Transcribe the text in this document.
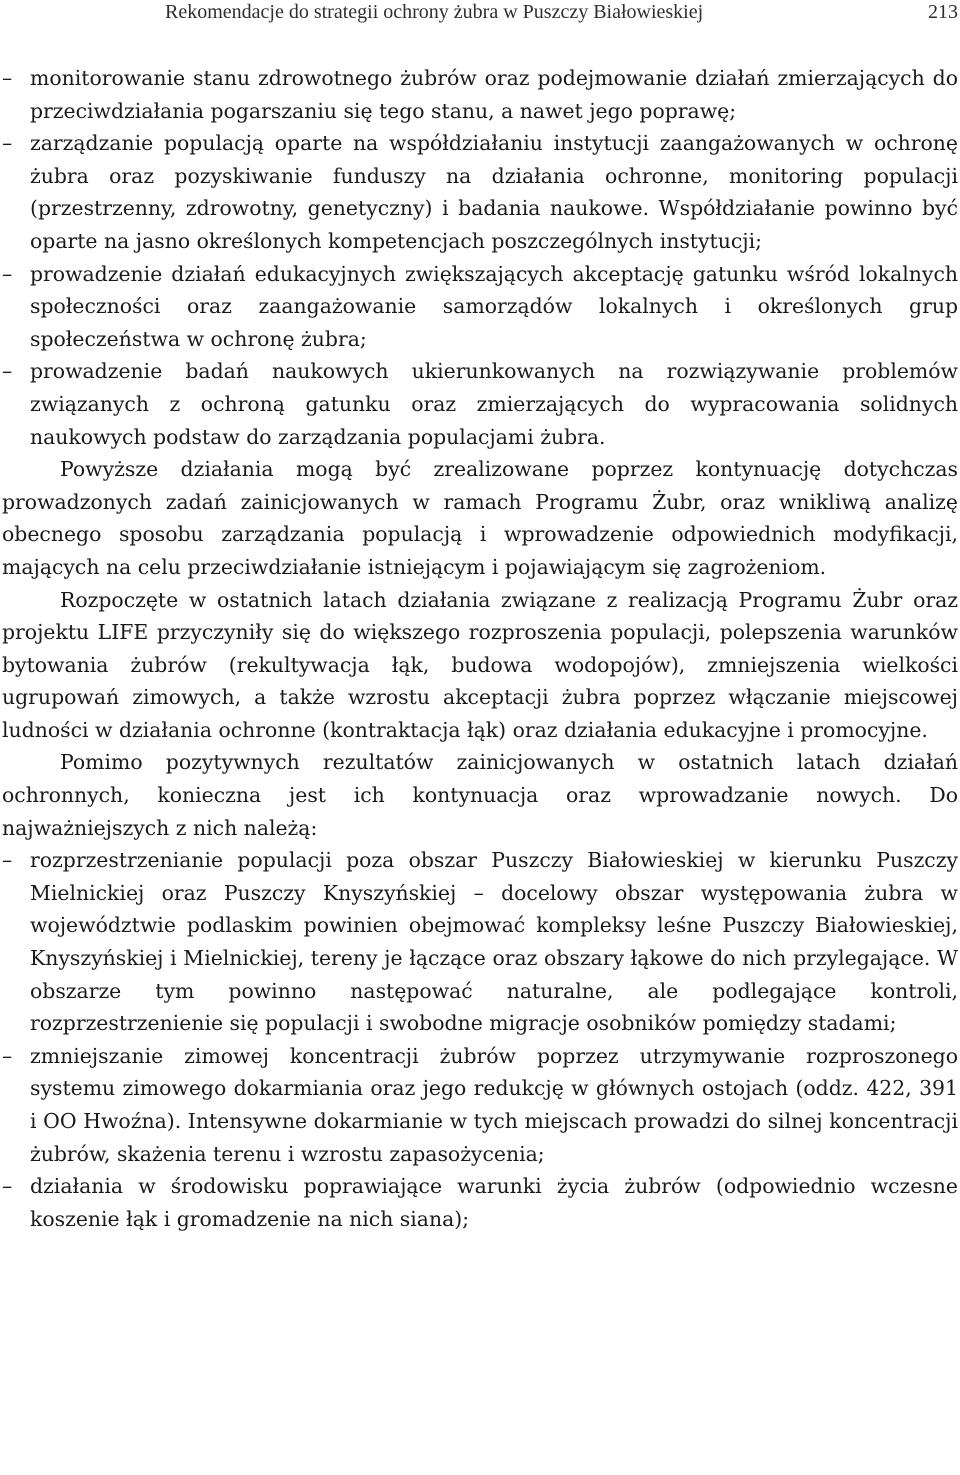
Rekomendacje do strategii ochrony żubra w Puszczy Białowieskiej	213
– monitorowanie stanu zdrowotnego żubrów oraz podejmowanie działań zmierzających do przeciwdziałania pogarszaniu się tego stanu, a nawet jego poprawę;
– zarządzanie populacją oparte na współdziałaniu instytucji zaangażowanych w ochronę żubra oraz pozyskiwanie funduszy na działania ochronne, monitoring populacji (przestrzenny, zdrowotny, genetyczny) i badania naukowe. Współdziałanie powinno być oparte na jasno określonych kompetencjach poszczególnych instytucji;
– prowadzenie działań edukacyjnych zwiększających akceptację gatunku wśród lokalnych społeczności oraz zaangażowanie samorządów lokalnych i określonych grup społeczeństwa w ochronę żubra;
– prowadzenie badań naukowych ukierunkowanych na rozwiązywanie problemów związanych z ochroną gatunku oraz zmierzających do wypracowania solidnych naukowych podstaw do zarządzania populacjami żubra.

Powyższe działania mogą być zrealizowane poprzez kontynuację dotychczas prowadzonych zadań zainicjowanych w ramach Programu Żubr, oraz wnikliwą analizę obecnego sposobu zarządzania populacją i wprowadzenie odpowiednich modyfikacji, mających na celu przeciwdziałanie istniejącym i pojawiającym się zagrożeniom.

Rozpoczęte w ostatnich latach działania związane z realizacją Programu Żubr oraz projektu LIFE przyczyniły się do większego rozproszenia populacji, polepszenia warunków bytowania żubrów (rekultywacja łąk, budowa wodopojów), zmniejszenia wielkości ugrupowań zimowych, a także wzrostu akceptacji żubra poprzez włączanie miejscowej ludności w działania ochronne (kontraktacja łąk) oraz działania edukacyjne i promocyjne.

Pomimo pozytywnych rezultatów zainicjowanych w ostatnich latach działań ochronnych, konieczna jest ich kontynuacja oraz wprowadzanie nowych. Do najważniejszych z nich należą:

– rozprzestrzenianie populacji poza obszar Puszczy Białowieskiej w kierunku Puszczy Mielnickiej oraz Puszczy Knyszyńskiej – docelowy obszar występowania żubra w województwie podlaskim powinien obejmować kompleksy leśne Puszczy Białowieskiej, Knyszyńskiej i Mielnickiej, tereny je łączące oraz obszary łąkowe do nich przylegające. W obszarze tym powinno następować naturalne, ale podlegające kontroli, rozprzestrzenienie się populacji i swobodne migracje osobników pomiędzy stadami;
– zmniejszanie zimowej koncentracji żubrów poprzez utrzymywanie rozproszonego systemu zimowego dokarmiania oraz jego redukcję w głównych ostojach (oddz. 422, 391 i OO Hwoźna). Intensywne dokarmianie w tych miejscach prowadzi do silnej koncentracji żubrów, skażenia terenu i wzrostu zapasożycenia;
– działania w środowisku poprawiające warunki życia żubrów (odpowiednio wczesne koszenie łąk i gromadzenie na nich siana);
